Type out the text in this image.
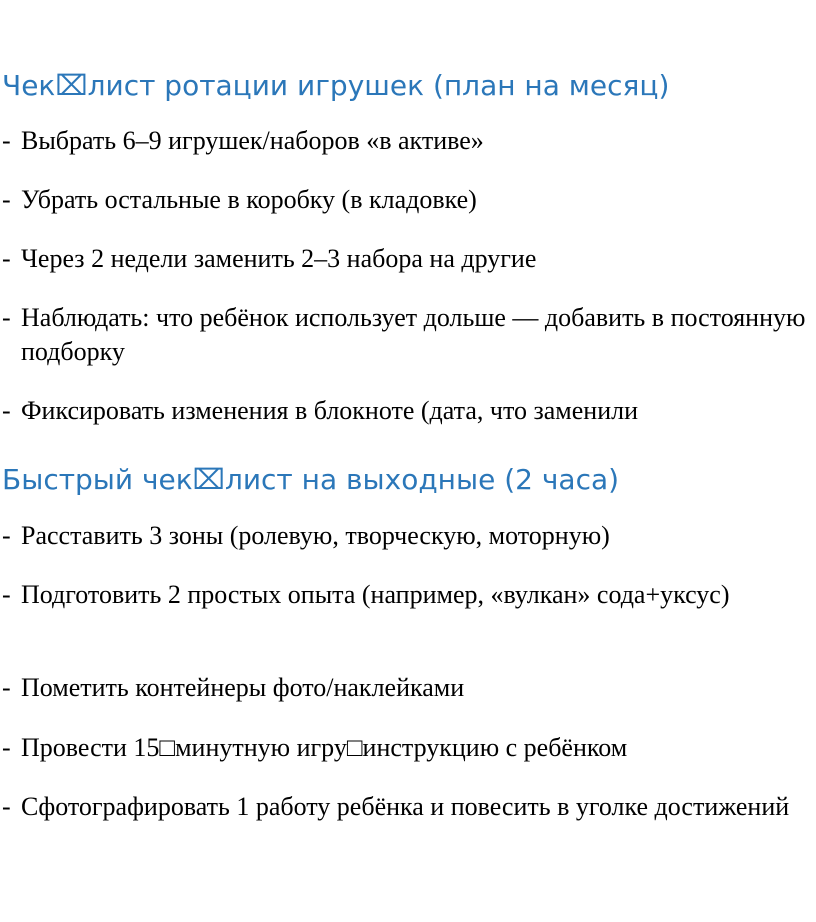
Чек⌧лист ротации игрушек (план на месяц)
- Выбрать 6–9 игрушек/наборов «в активе»
- Убрать остальные в коробку (в кладовке)
- Через 2 недели заменить 2–3 набора на другие
- Наблюдать: что ребёнок использует дольше — добавить в постоянную подборку
- Фиксировать изменения в блокноте (дата, что заменили
Быстрый чек⌧лист на выходные (2 часа)
- Расставить 3 зоны (ролевую, творческую, моторную)
- Подготовить 2 простых опыта (например, «вулкан» сода+уксус)
- Пометить контейнеры фото/наклейками
- Провести 15□минутную игру□инструкцию с ребёнком
- Сфотографировать 1 работу ребёнка и повесить в уголке достижений
